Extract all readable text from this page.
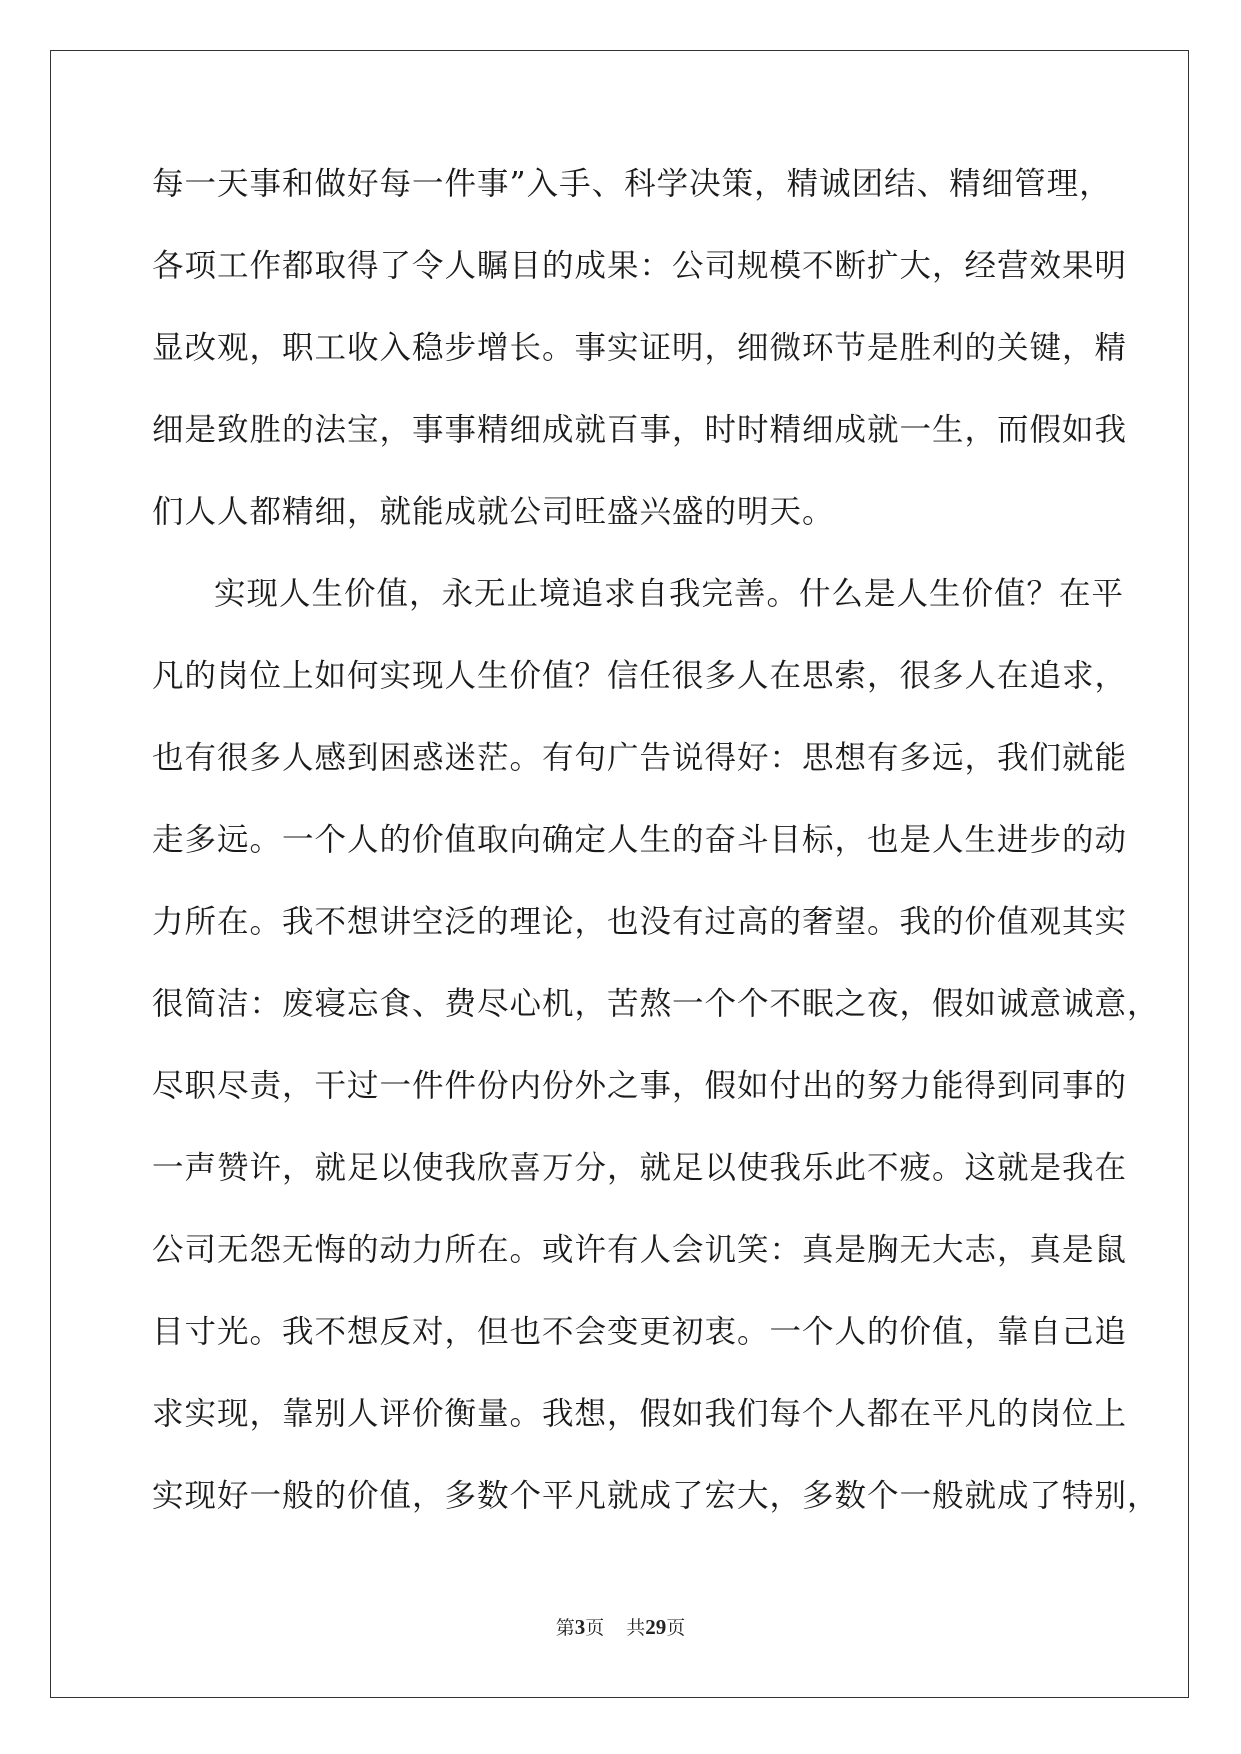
每一天事和做好每一件事”入手、科学决策，精诚团结、精细管理，
各项工作都取得了令人瞩目的成果：公司规模不断扩大，经营效果明
显改观，职工收入稳步增长。事实证明，细微环节是胜利的关键，精
细是致胜的法宝，事事精细成就百事，时时精细成就一生，而假如我
们人人都精细，就能成就公司旺盛兴盛的明天。
实现人生价值，永无止境追求自我完善。什么是人生价值？在平
凡的岗位上如何实现人生价值？信任很多人在思索，很多人在追求，
也有很多人感到困惑迷茫。有句广告说得好：思想有多远，我们就能
走多远。一个人的价值取向确定人生的奋斗目标，也是人生进步的动
力所在。我不想讲空泛的理论，也没有过高的奢望。我的价值观其实
很简洁：废寝忘食、费尽心机，苦熬一个个不眠之夜，假如诚意诚意，
尽职尽责，干过一件件份内份外之事，假如付出的努力能得到同事的
一声赞许，就足以使我欣喜万分，就足以使我乐此不疲。这就是我在
公司无怨无悔的动力所在。或许有人会讥笑：真是胸无大志，真是鼠
目寸光。我不想反对，但也不会变更初衷。一个人的价值，靠自己追
求实现，靠别人评价衡量。我想，假如我们每个人都在平凡的岗位上
实现好一般的价值，多数个平凡就成了宏大，多数个一般就成了特别，
第3页 共29页
